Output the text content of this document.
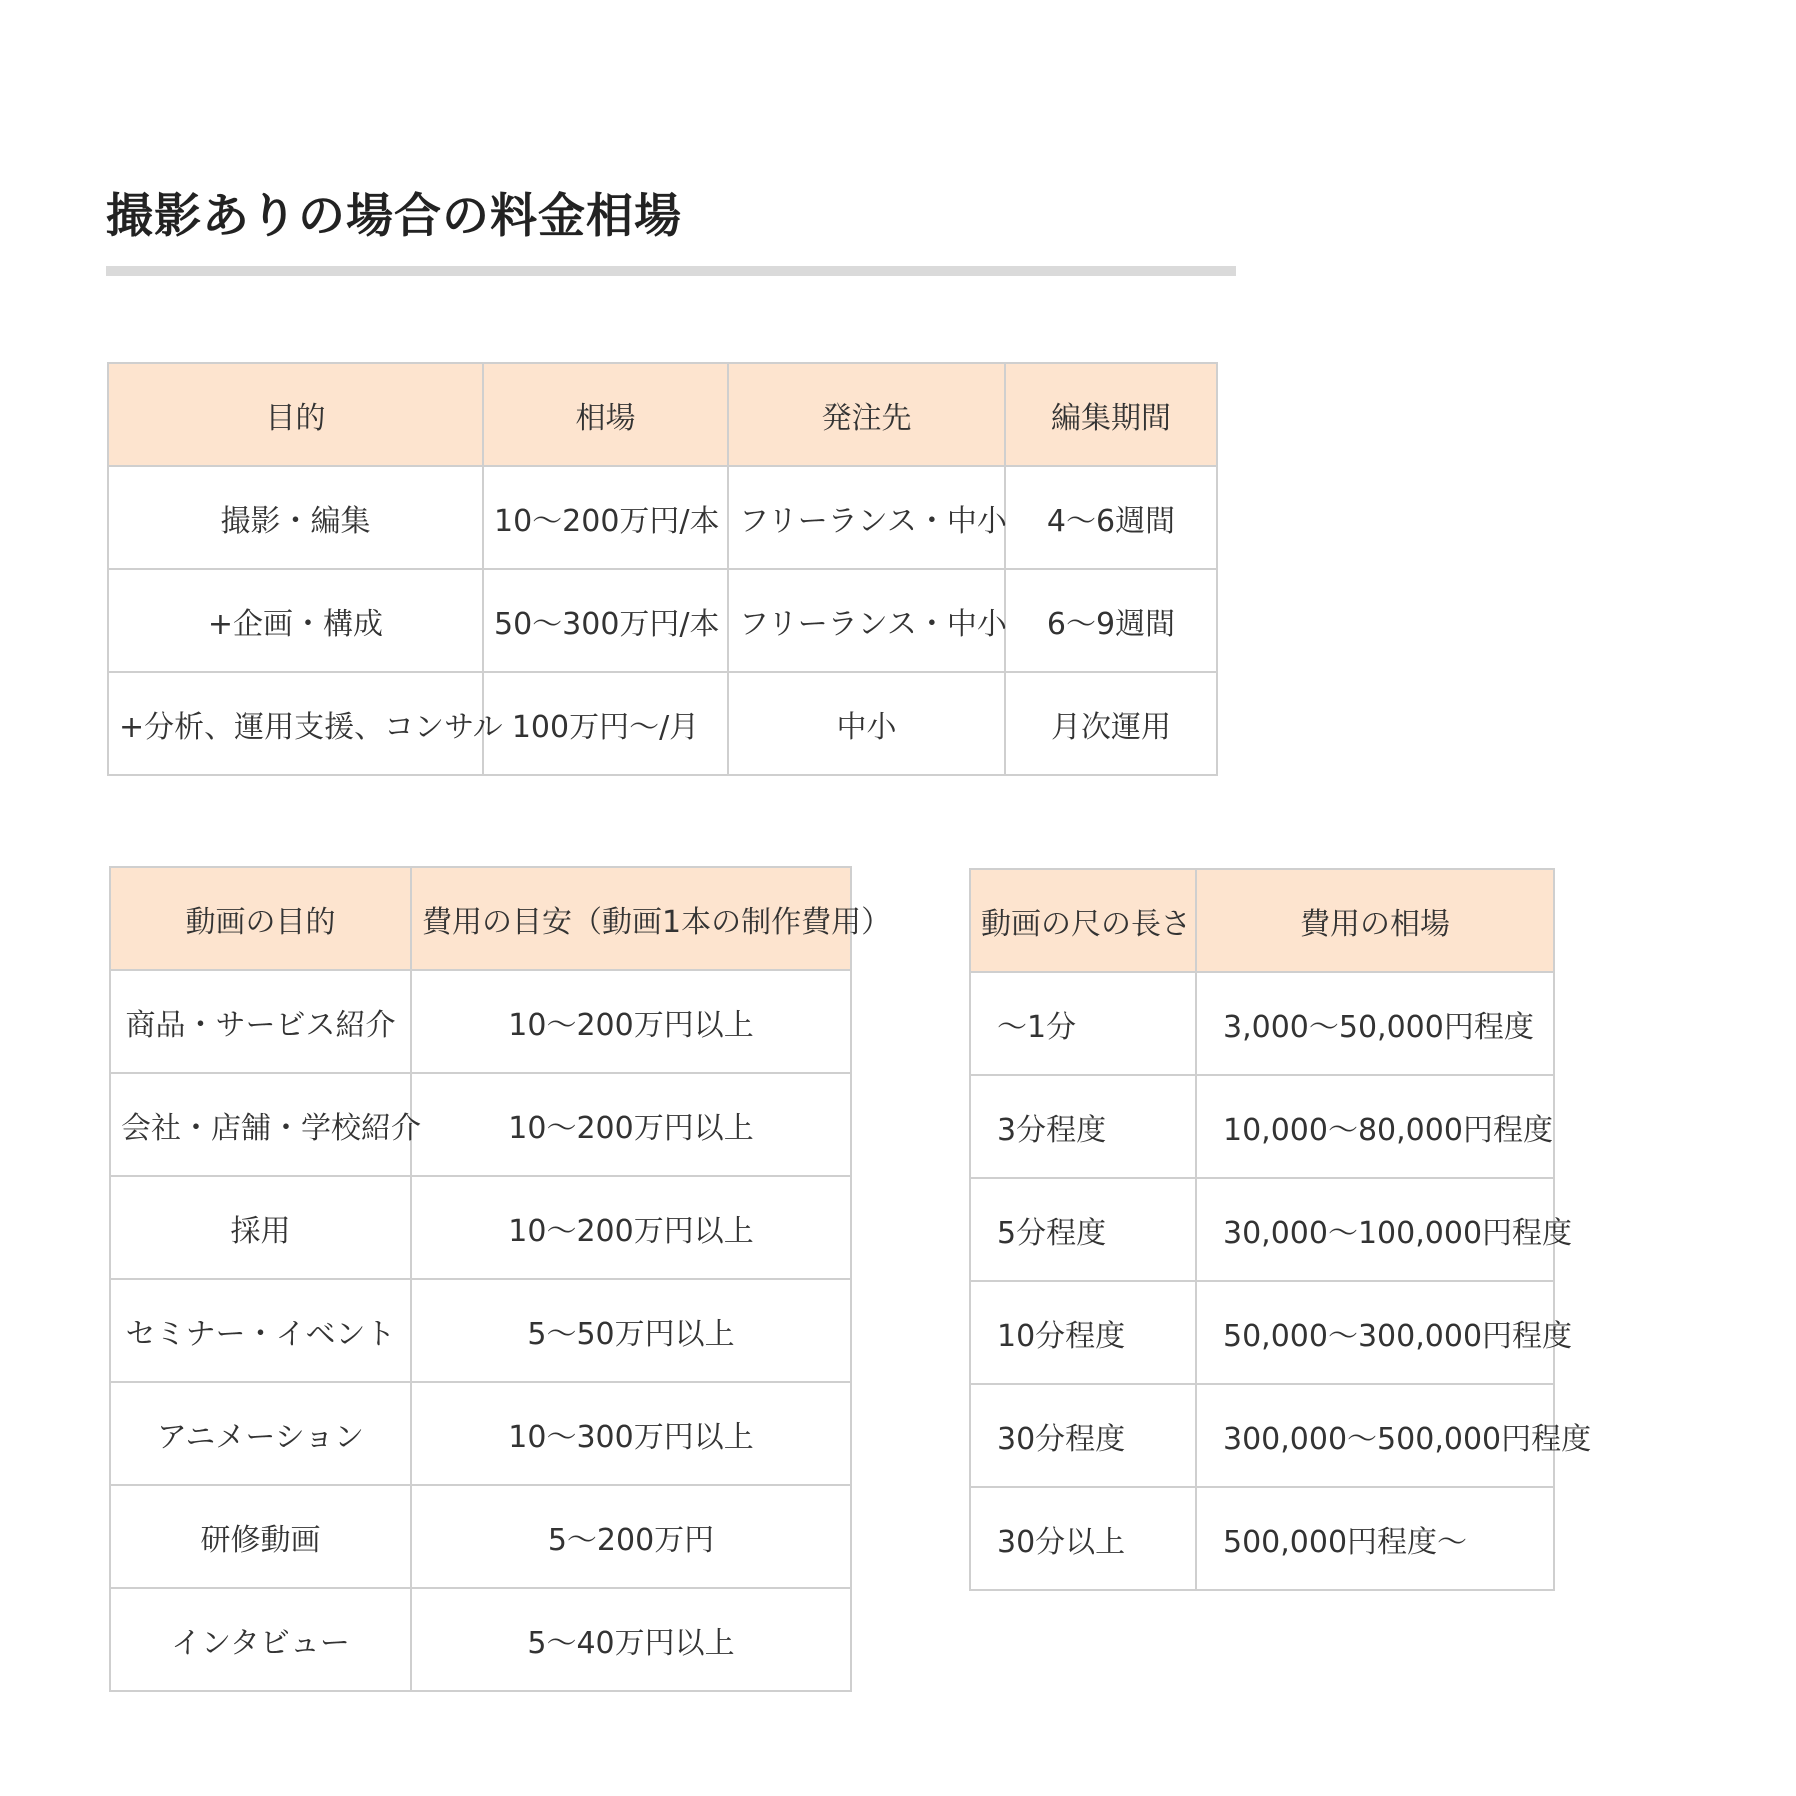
撮影ありの場合の料金相場
目的	相場	発注先	編集期間
撮影・編集	10〜200万円/本	フリーランス・中小	4〜6週間
+企画・構成	50〜300万円/本	フリーランス・中小	6〜9週間
+分析、運用支援、コンサル	100万円〜/月	中小	月次運用
動画の目的	費用の目安（動画1本の制作費用）
商品・サービス紹介	10〜200万円以上
会社・店舗・学校紹介	10〜200万円以上
採用	10〜200万円以上
セミナー・イベント	5〜50万円以上
アニメーション	10〜300万円以上
研修動画	5〜200万円
インタビュー	5〜40万円以上
動画の尺の長さ	費用の相場
〜1分	3,000〜50,000円程度
3分程度	10,000〜80,000円程度
5分程度	30,000〜100,000円程度
10分程度	50,000〜300,000円程度
30分程度	300,000〜500,000円程度
30分以上	500,000円程度〜
